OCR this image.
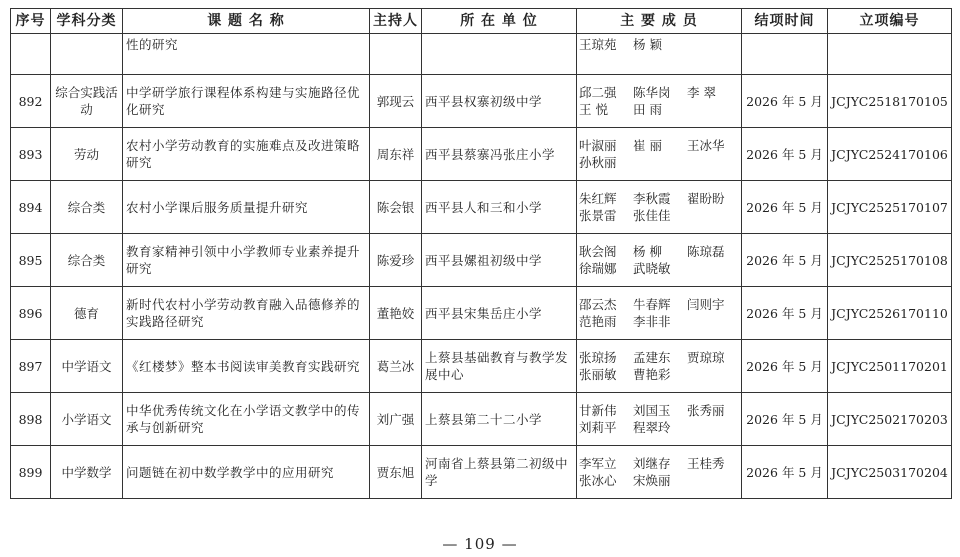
序号	学科分类	课 题 名 称	主持人	所 在 单 位	主 要 成 员	结项时间	立项编号
		性的研究			王琼苑 杨 颖		

892	综合实践活动	中学研学旅行课程体系构建与实施路径优化研究	郭现云	西平县权寨初级中学	邱二强 陈华岗 李 翠
王 悦 田 雨	2026 年 5 月	JCJYC2518170105
893	劳动	农村小学劳动教育的实施难点及改进策略研究	周东祥	西平县蔡寨冯张庄小学	叶淑丽 崔 丽 王冰华
孙秋丽	2026 年 5 月	JCJYC2524170106
894	综合类	农村小学课后服务质量提升研究	陈会银	西平县人和三和小学	朱红辉 李秋霞 翟盼盼
张景雷 张佳佳	2026 年 5 月	JCJYC2525170107
895	综合类	教育家精神引领中小学教师专业素养提升研究	陈爱珍	西平县嫘祖初级中学	耿会阁 杨 柳 陈琼磊
徐瑞娜 武晓敏	2026 年 5 月	JCJYC2525170108
896	德育	新时代农村小学劳动教育融入品德修养的实践路径研究	董艳姣	西平县宋集岳庄小学	邵云杰 牛春辉 闫则宇
范艳雨 李非非	2026 年 5 月	JCJYC2526170110
897	中学语文	《红楼梦》整本书阅读审美教育实践研究	葛兰冰	上蔡县基础教育与教学发展中心	张琼扬 孟建东 贾琼琼
张丽敏 曹艳彩	2026 年 5 月	JCJYC2501170201
898	小学语文	中华优秀传统文化在小学语文教学中的传承与创新研究	刘广强	上蔡县第二十二小学	甘新伟 刘国玉 张秀丽
刘莉平 程翠玲	2026 年 5 月	JCJYC2502170203
899	中学数学	问题链在初中数学教学中的应用研究	贾东旭	河南省上蔡县第二初级中学	李军立 刘继存 王桂秀
张冰心 宋焕丽	2026 年 5 月	JCJYC2503170204
— 109 —
